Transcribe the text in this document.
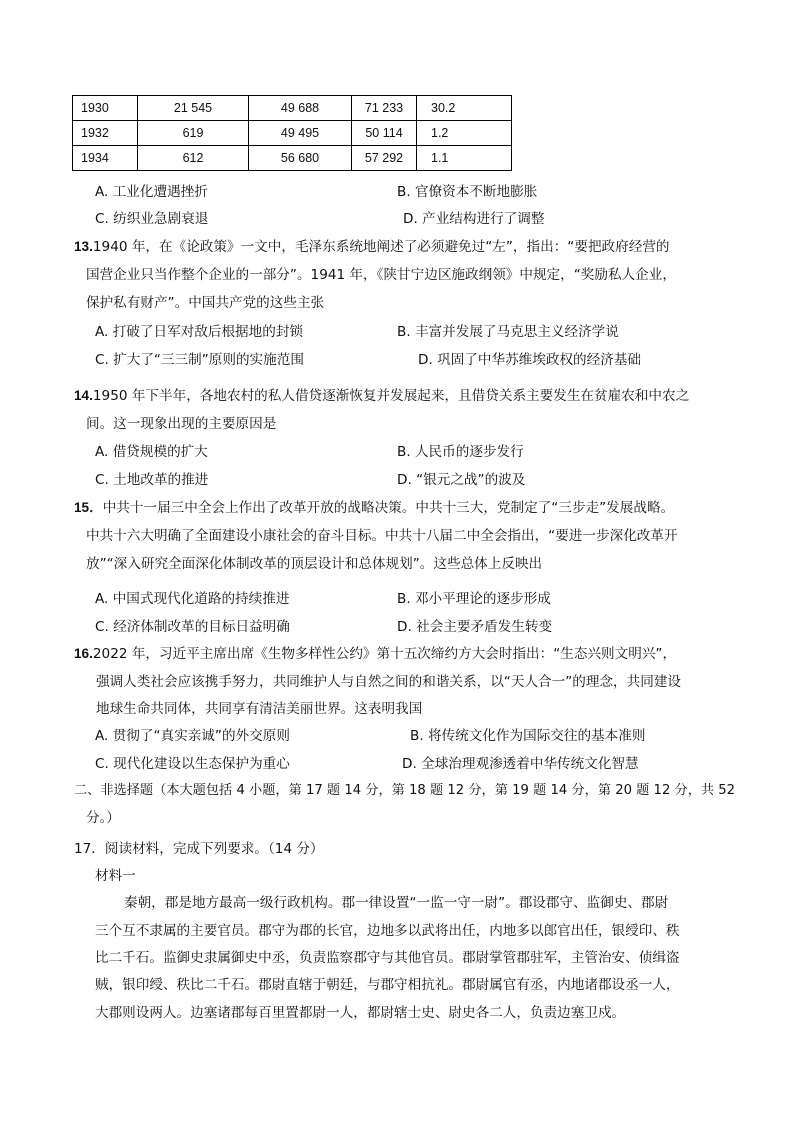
1930	21 545	49 688	71 233	30.2
1932	619	49 495	50 114	1.2
1934	612	56 680	57 292	1.1
A. 工业化遭遇挫折	B. 官僚资本不断地膨胀
C. 纺织业急剧衰退	D. 产业结构进行了调整
13.1940 年，在《论政策》一文中，毛泽东系统地阐述了必须避免过“左”，指出：“要把政府经营的
国营企业只当作整个企业的一部分”。1941 年，《陕甘宁边区施政纲领》中规定，“奖励私人企业，
保护私有财产”。中国共产党的这些主张
A. 打破了日军对敌后根据地的封锁	B. 丰富并发展了马克思主义经济学说
C. 扩大了“三三制”原则的实施范围	D. 巩固了中华苏维埃政权的经济基础
14.1950 年下半年，各地农村的私人借贷逐渐恢复并发展起来，且借贷关系主要发生在贫雇农和中农之
间。这一现象出现的主要原因是
A. 借贷规模的扩大	B. 人民币的逐步发行
C. 土地改革的推进	D. “银元之战”的波及
15．中共十一届三中全会上作出了改革开放的战略决策。中共十三大，党制定了“三步走”发展战略。
中共十六大明确了全面建设小康社会的奋斗目标。中共十八届二中全会指出，“要进一步深化改革开
放”“深入研究全面深化体制改革的顶层设计和总体规划”。这些总体上反映出
A. 中国式现代化道路的持续推进	B. 邓小平理论的逐步形成
C. 经济体制改革的目标日益明确	D. 社会主要矛盾发生转变
16.2022 年，习近平主席出席《生物多样性公约》第十五次缔约方大会时指出：“生态兴则文明兴”，
强调人类社会应该携手努力，共同维护人与自然之间的和谐关系，以“天人合一”的理念，共同建设
地球生命共同体，共同享有清洁美丽世界。这表明我国
A. 贯彻了“真实亲诚”的外交原则	B. 将传统文化作为国际交往的基本准则
C. 现代化建设以生态保护为重心	D. 全球治理观渗透着中华传统文化智慧
二、非选择题（本大题包括 4 小题，第 17 题 14 分，第 18 题 12 分，第 19 题 14 分，第 20 题 12 分，共 52
分。）
17．阅读材料，完成下列要求。（14 分）
材料一
秦朝，郡是地方最高一级行政机构。郡一律设置“一监一守一尉”。郡设郡守、监御史、郡尉
三个互不隶属的主要官员。郡守为郡的长官，边地多以武将出任，内地多以郎官出任，银绶印、秩
比二千石。监御史隶属御史中丞，负责监察郡守与其他官员。郡尉掌管郡驻军，主管治安、侦缉盗
贼，银印绶、秩比二千石。郡尉直辖于朝廷，与郡守相抗礼。郡尉属官有丞，内地诸郡设丞一人，
大郡则设两人。边塞诸郡每百里置都尉一人，都尉辖士史、尉史各二人，负责边塞卫戍。
